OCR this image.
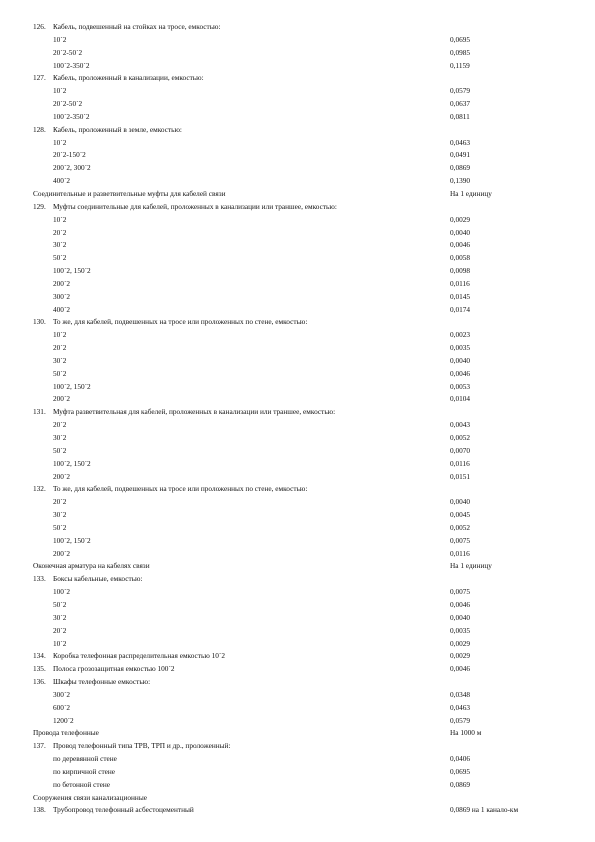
126. Кабель, подвешенный на стойках на тросе, емкостью:
10´2	0,0695
20´2-50´2	0,0985
100´2-350´2	0,1159
127. Кабель, проложенный в канализации, емкостью:
10´2	0,0579
20´2-50´2	0,0637
100´2-350´2	0,0811
128. Кабель, проложенный в земле, емкостью:
10´2	0,0463
20´2-150´2	0,0491
200´2, 300´2	0,0869
400´2	0,1390
Соединительные и разветвительные муфты для кабелей связи	На 1 единицу
129. Муфты соединительные для кабелей, проложенных в канализации или траншее, емкостью:
10´2	0,0029
20´2	0,0040
30´2	0,0046
50´2	0,0058
100´2, 150´2	0,0098
200´2	0,0116
300´2	0,0145
400´2	0,0174
130. То же, для кабелей, подвешенных на тросе или проложенных по стене, емкостью:
10´2	0,0023
20´2	0,0035
30´2	0,0040
50´2	0,0046
100´2, 150´2	0,0053
200´2	0,0104
131. Муфта разветвительная для кабелей, проложенных в канализации или траншее, емкостью:
20´2	0,0043
30´2	0,0052
50´2	0,0070
100´2, 150´2	0,0116
200´2	0,0151
132. То же, для кабелей, подвешенных на тросе или проложенных по стене, емкостью:
20´2	0,0040
30´2	0,0045
50´2	0,0052
100´2, 150´2	0,0075
200´2	0,0116
Оконечная арматура на кабелях связи	На 1 единицу
133. Боксы кабельные, емкостью:
100´2	0,0075
50´2	0,0046
30´2	0,0040
20´2	0,0035
10´2	0,0029
134. Коробка телефонная распределительная емкостью 10´2	0,0029
135. Полоса грозозащитная емкостью 100´2	0,0046
136. Шкафы телефонные емкостью:
300´2	0,0348
600´2	0,0463
1200´2	0,0579
Провода телефонные	На 1000 м
137. Провод телефонный типа ТРВ, ТРП и др., проложенный:
по деревянной стене	0,0406
по кирпичной стене	0,0695
по бетонной стене	0,0869
Сооружения связи канализационные
138. Трубопровод телефонный асбестоцементный	0,0869 на 1 канало-км
